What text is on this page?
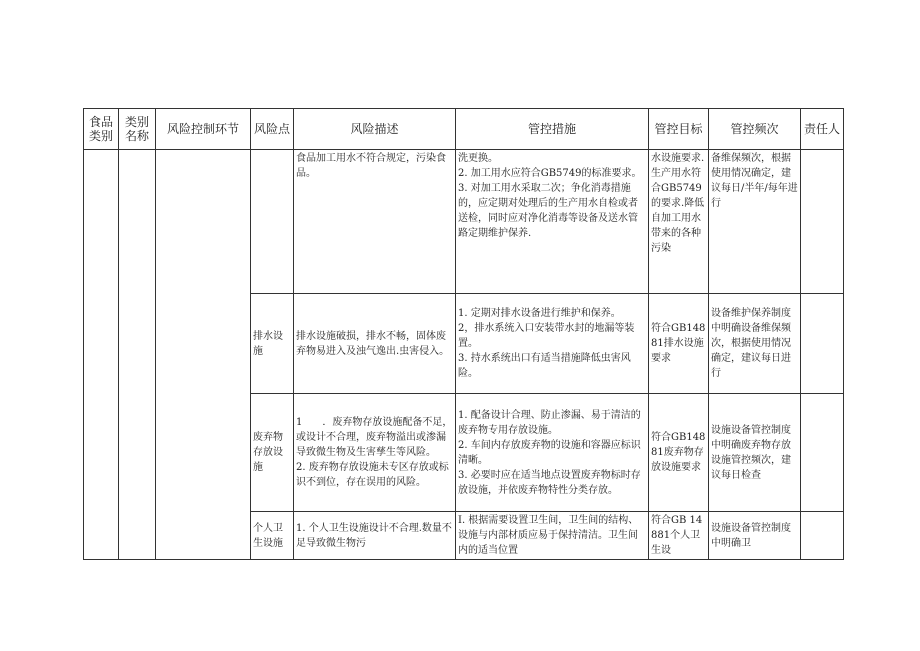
食品类别	类别名称	风险控制环节	风险点	风险描述	管控措施	管控目标	管控频次	责任人

				食品加工用水不符合规定，污染食品。	洗更换。
2. 加工用水应符合GB5749的标准要求。
3. 对加工用水采取二次；争化消毒措施的，应定期对处理后的生产用水自检或者送检，同时应对净化消毒等设备及送水管路定期维护保养.	水设施要求.生产用水符合GB5749的要求.降低自加工用水带来的各种污染	备维保频次，根据使用情况确定，建议每日/半年/每年进行	
			排水设施	排水设施破损，排水不畅，固体废弃物易进入及浊气逸出.虫害侵入。	1. 定期对排水设备进行维护和保养。
2，排水系统入口安装带水封的地漏等装置。
3. 持水系统出口有适当措施降低虫害风险。	符合GB14881排水设施要求	设备维护保养制度中明确设备维保频次，根据使用情况确定，建议每日进行	
			废弃物存放设施	1　　．废弃物存放设施配备不足，或设计不合理，废弃物溢出或渗漏导致微生物及生害孳生等风险。
2. 废弃物存放设施未专区存放或标识不到位，存在误用的风险。	1. 配备设计合理、防止渗漏、易于清洁的废弃物专用存放设施。
2. 车间内存放废弃物的设施和容器应标识清晰。
3. 必要时应在适当地点设置废弃物标时存放设施，并依废弃物特性分类存放。	符合GB14881废弃物存放设施要求	设施设备管控制度中明确废弃物存放设施管控频次，建议每日检查	
			个人卫生设施	1. 个人卫生设施设计不合理.数量不足导致微生物污	I. 根据需要设置卫生间，卫生间的结构、设施与内部材质应易于保持清洁。卫生间内的适当位置	符合GB 14881个人卫生设	设施设备管控制度中明确卫	
